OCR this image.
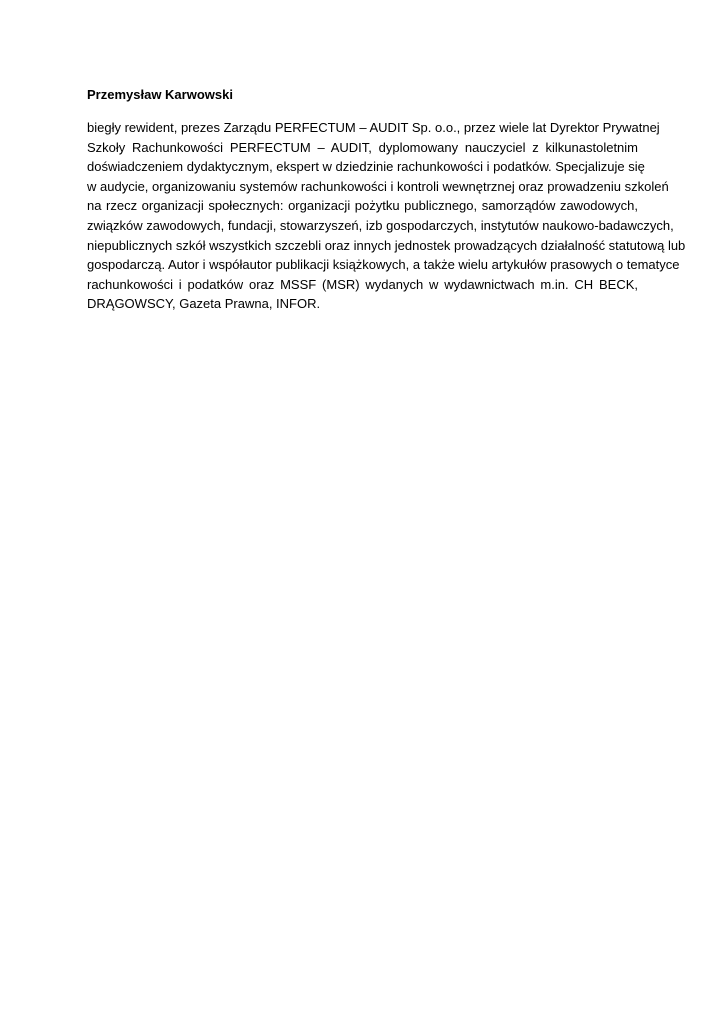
Przemysław Karwowski

biegły rewident, prezes Zarządu PERFECTUM – AUDIT Sp. o.o., przez wiele lat Dyrektor Prywatnej
Szkoły Rachunkowości PERFECTUM – AUDIT, dyplomowany nauczyciel z kilkunastoletnim
doświadczeniem dydaktycznym, ekspert w dziedzinie rachunkowości i podatków. Specjalizuje się
w audycie, organizowaniu systemów rachunkowości i kontroli wewnętrznej oraz prowadzeniu szkoleń
na rzecz organizacji społecznych: organizacji pożytku publicznego, samorządów zawodowych,
związków zawodowych, fundacji, stowarzyszeń, izb gospodarczych, instytutów naukowo-badawczych,
niepublicznych szkół wszystkich szczebli oraz innych jednostek prowadzących działalność statutową lub
gospodarczą. Autor i współautor publikacji książkowych, a także wielu artykułów prasowych o tematyce
rachunkowości i podatków oraz MSSF (MSR) wydanych w wydawnictwach m.in. CH BECK,
DRĄGOWSCY, Gazeta Prawna, INFOR.
